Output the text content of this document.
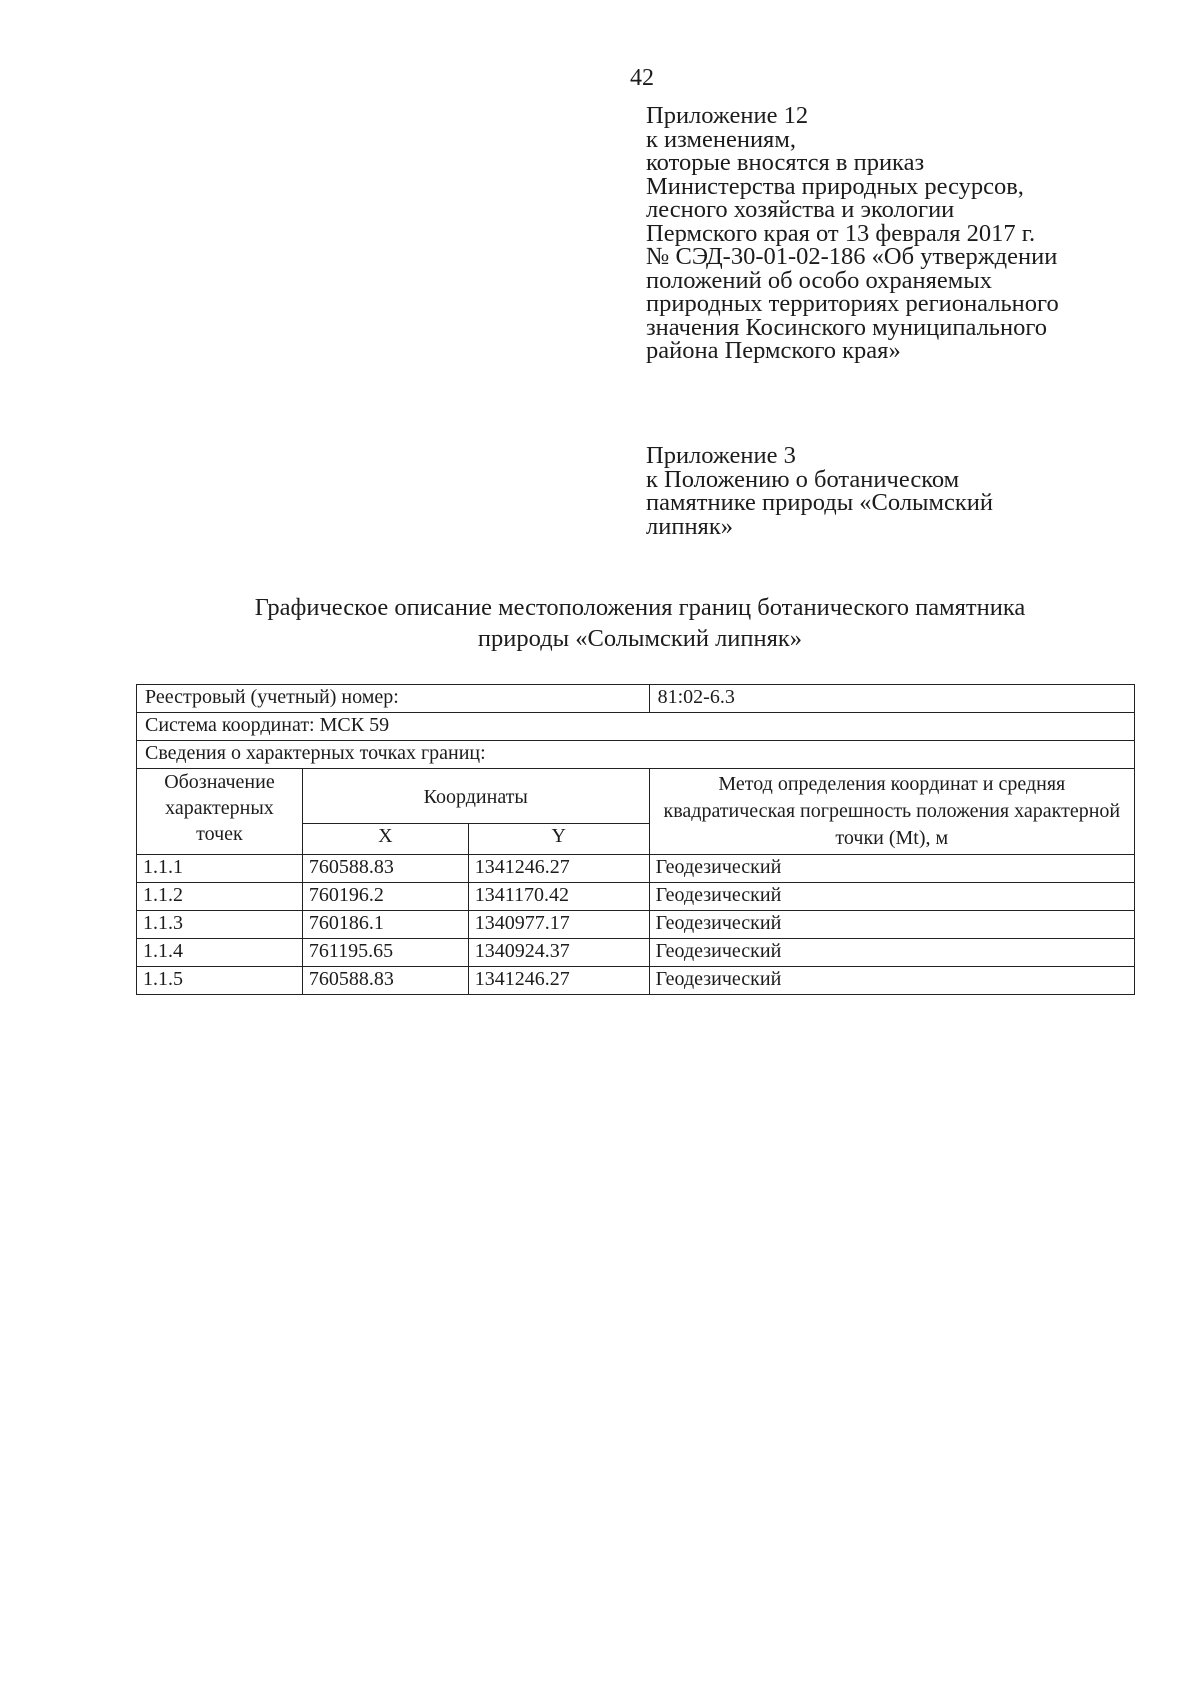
42
Приложение 12
к изменениям,
которые вносятся в приказ
Министерства природных ресурсов,
лесного хозяйства и экологии
Пермского края от 13 февраля 2017 г.
№ СЭД-30-01-02-186 «Об утверждении
положений об особо охраняемых
природных территориях регионального
значения Косинского муниципального
района Пермского края»
Приложение 3
к Положению о ботаническом
памятнике природы «Солымский
липняк»
Графическое описание местоположения границ ботанического памятника
природы «Солымский липняк»
Реестровый (учетный) номер:			81:02-6.3
Система координат: МСК 59			
Сведения о характерных точках границ:			
Обозначение характерных точек	Координаты		Метод определения координат и средняя квадратическая погрешность положения характерной точки (Mt), м
	X	Y	
1.1.1	760588.83	1341246.27	Геодезический
1.1.2	760196.2	1341170.42	Геодезический
1.1.3	760186.1	1340977.17	Геодезический
1.1.4	761195.65	1340924.37	Геодезический
1.1.5	760588.83	1341246.27	Геодезический
